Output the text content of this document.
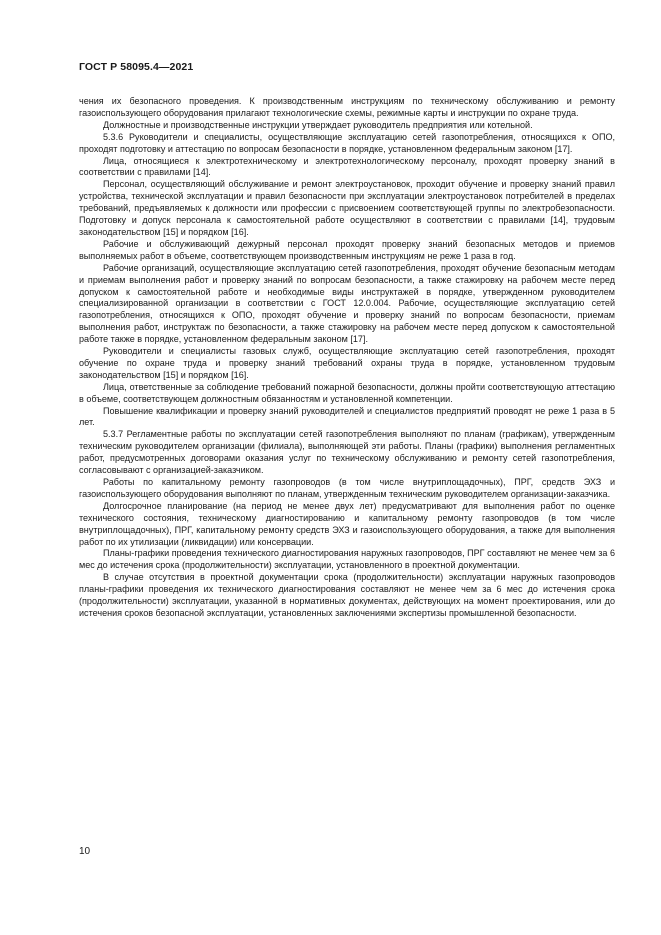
ГОСТ Р 58095.4—2021

чения их безопасного проведения. К производственным инструкциям по техническому обслуживанию и ремонту газоиспользующего оборудования прилагают технологические схемы, режимные карты и инструкции по охране труда.

Должностные и производственные инструкции утверждает руководитель предприятия или котельной.

5.3.6 Руководители и специалисты, осуществляющие эксплуатацию сетей газопотребления, относящихся к ОПО, проходят подготовку и аттестацию по вопросам безопасности в порядке, установленном федеральным законом [17].

Лица, относящиеся к электротехническому и электротехнологическому персоналу, проходят проверку знаний в соответствии с правилами [14].

Персонал, осуществляющий обслуживание и ремонт электроустановок, проходит обучение и проверку знаний правил устройства, технической эксплуатации и правил безопасности при эксплуатации электроустановок потребителей в пределах требований, предъявляемых к должности или профессии с присвоением соответствующей группы по электробезопасности. Подготовку и допуск персонала к самостоятельной работе осуществляют в соответствии с правилами [14], трудовым законодательством [15] и порядком [16].

Рабочие и обслуживающий дежурный персонал проходят проверку знаний безопасных методов и приемов выполняемых работ в объеме, соответствующем производственным инструкциям не реже 1 раза в год.

Рабочие организаций, осуществляющие эксплуатацию сетей газопотребления, проходят обучение безопасным методам и приемам выполнения работ и проверку знаний по вопросам безопасности, а также стажировку на рабочем месте перед допуском к самостоятельной работе и необходимые виды инструктажей в порядке, утвержденном руководителем специализированной организации в соответствии с ГОСТ 12.0.004. Рабочие, осуществляющие эксплуатацию сетей газопотребления, относящихся к ОПО, проходят обучение и проверку знаний по вопросам безопасности, приемам выполнения работ, инструктаж по безопасности, а также стажировку на рабочем месте перед допуском к самостоятельной работе также в порядке, установленном федеральным законом [17].

Руководители и специалисты газовых служб, осуществляющие эксплуатацию сетей газопотребления, проходят обучение по охране труда и проверку знаний требований охраны труда в порядке, установленном трудовым законодательством [15] и порядком [16].

Лица, ответственные за соблюдение требований пожарной безопасности, должны пройти соответствующую аттестацию в объеме, соответствующем должностным обязанностям и установленной компетенции.

Повышение квалификации и проверку знаний руководителей и специалистов предприятий проводят не реже 1 раза в 5 лет.

5.3.7 Регламентные работы по эксплуатации сетей газопотребления выполняют по планам (графикам), утвержденным техническим руководителем организации (филиала), выполняющей эти работы. Планы (графики) выполнения регламентных работ, предусмотренных договорами оказания услуг по техническому обслуживанию и ремонту сетей газопотребления, согласовывают с организацией-заказчиком.

Работы по капитальному ремонту газопроводов (в том числе внутриплощадочных), ПРГ, средств ЭХЗ и газоиспользующего оборудования выполняют по планам, утвержденным техническим руководителем организации-заказчика.

Долгосрочное планирование (на период не менее двух лет) предусматривают для выполнения работ по оценке технического состояния, техническому диагностированию и капитальному ремонту газопроводов (в том числе внутриплощадочных), ПРГ, капитальному ремонту средств ЭХЗ и газоиспользующего оборудования, а также для выполнения работ по их утилизации (ликвидации) или консервации.

Планы-графики проведения технического диагностирования наружных газопроводов, ПРГ составляют не менее чем за 6 мес до истечения срока (продолжительности) эксплуатации, установленного в проектной документации.

В случае отсутствия в проектной документации срока (продолжительности) эксплуатации наружных газопроводов планы-графики проведения их технического диагностирования составляют не менее чем за 6 мес до истечения срока (продолжительности) эксплуатации, указанной в нормативных документах, действующих на момент проектирования, или до истечения сроков безопасной эксплуатации, установленных заключениями экспертизы промышленной безопасности.

10
